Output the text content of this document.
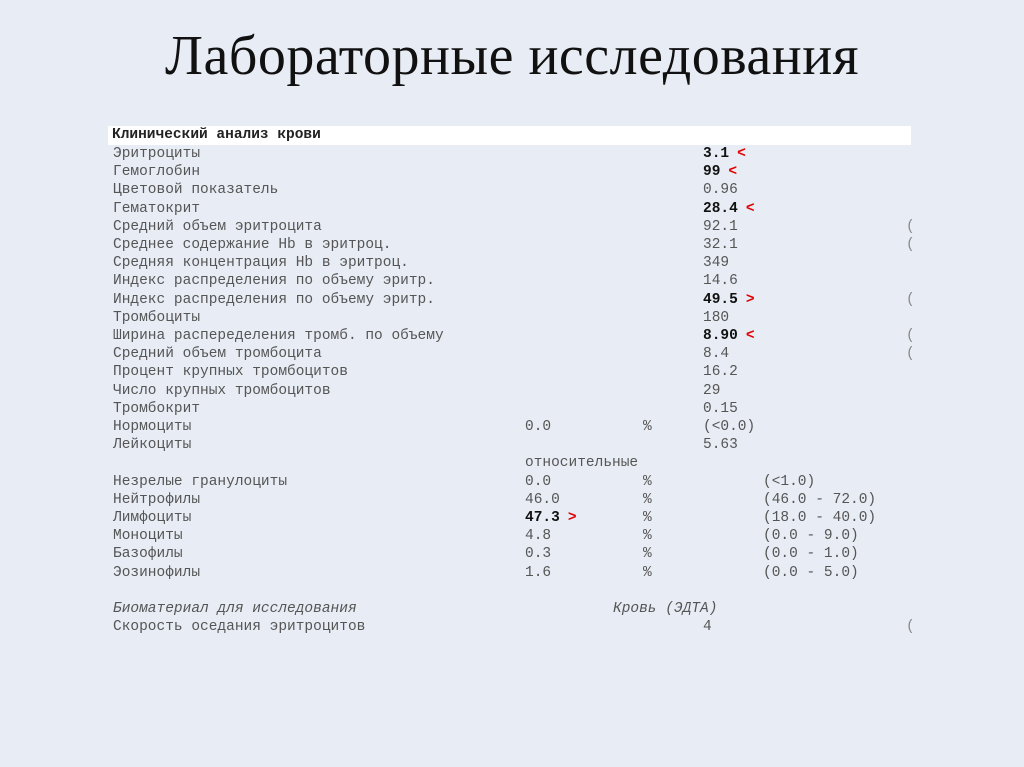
Лабораторные исследования
Клинический анализ крови
Эритроциты	3.1 <
Гемоглобин	99 <
Цветовой показатель	0.96
Гематокрит	28.4 <
Средний объем эритроцита	92.1	(
Среднее содержание Hb в эритроц.	32.1	(
Средняя концентрация Hb в эритроц.	349
Индекс распределения по объему эритр.	14.6
Индекс распределения по объему эритр.	49.5 >	(
Тромбоциты	180
Ширина распеределения тромб. по объему	8.90 <	(
Средний объем тромбоцита	8.4	(
Процент крупных тромбоцитов	16.2
Число крупных тромбоцитов	29
Тромбокрит	0.15
Нормоциты	0.0	%	(<0.0)
Лейкоциты	5.63
относительные
Незрелые гранулоциты	0.0	%	(<1.0)
Нейтрофилы	46.0	%	(46.0 - 72.0)
Лимфоциты	47.3 >	%	(18.0 - 40.0)
Моноциты	4.8	%	(0.0 - 9.0)
Базофилы	0.3	%	(0.0 - 1.0)
Эозинофилы	1.6	%	(0.0 - 5.0)
Биоматериал для исследования	Кровь (ЭДТА)
Скорость оседания эритроцитов	4	(
